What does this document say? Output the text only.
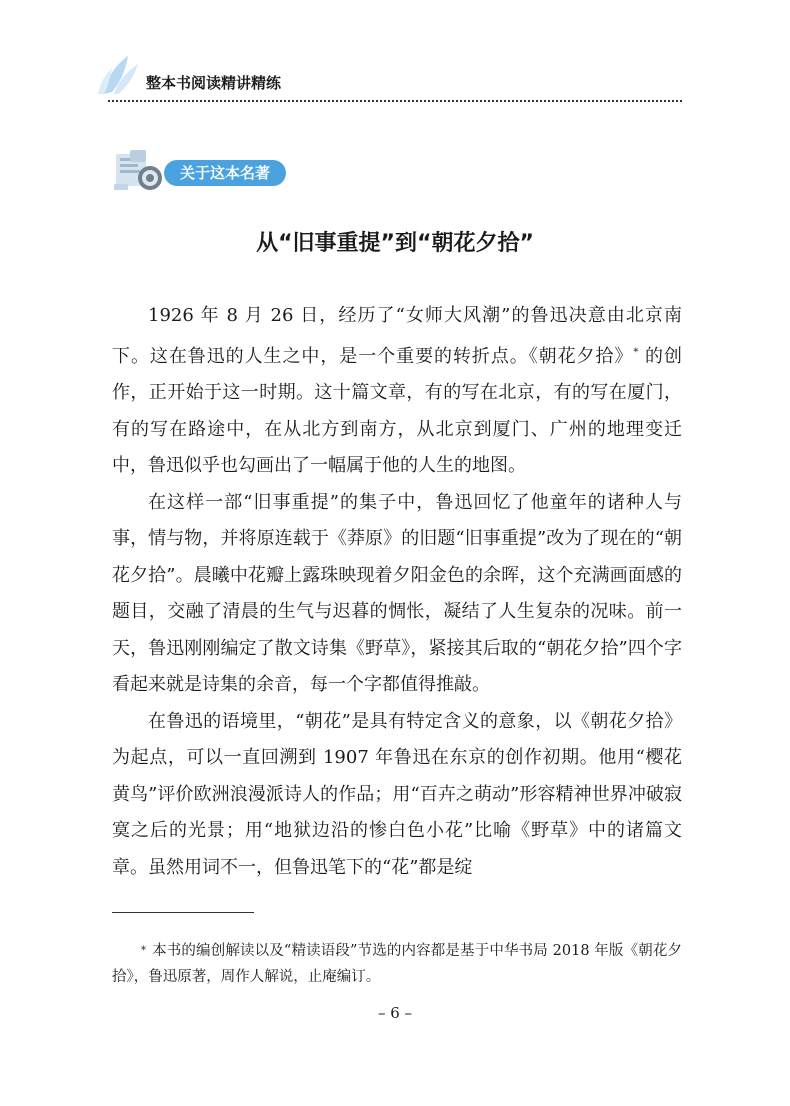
整本书阅读精讲精练
关于这本名著
从“旧事重提”到“朝花夕拾”

1926 年 8 月 26 日，经历了“女师大风潮”的鲁迅决意由北京南下。这在鲁迅的人生之中，是一个重要的转折点。《朝花夕拾》* 的创作，正开始于这一时期。这十篇文章，有的写在北京，有的写在厦门，有的写在路途中，在从北方到南方，从北京到厦门、广州的地理变迁中，鲁迅似乎也勾画出了一幅属于他的人生的地图。

在这样一部“旧事重提”的集子中，鲁迅回忆了他童年的诸种人与事，情与物，并将原连载于《莽原》的旧题“旧事重提”改为了现在的“朝花夕拾”。晨曦中花瓣上露珠映现着夕阳金色的余晖，这个充满画面感的题目，交融了清晨的生气与迟暮的惆怅，凝结了人生复杂的况味。前一天，鲁迅刚刚编定了散文诗集《野草》，紧接其后取的“朝花夕拾”四个字看起来就是诗集的余音，每一个字都值得推敲。

在鲁迅的语境里，“朝花”是具有特定含义的意象，以《朝花夕拾》为起点，可以一直回溯到 1907 年鲁迅在东京的创作初期。他用“樱花黄鸟”评价欧洲浪漫派诗人的作品；用“百卉之萌动”形容精神世界冲破寂寞之后的光景；用“地狱边沿的惨白色小花”比喻《野草》中的诸篇文章。虽然用词不一，但鲁迅笔下的“花”都是绽

* 本书的编创解读以及“精读语段”节选的内容都是基于中华书局 2018 年版《朝花夕拾》，鲁迅原著，周作人解说，止庵编订。

– 6 –
